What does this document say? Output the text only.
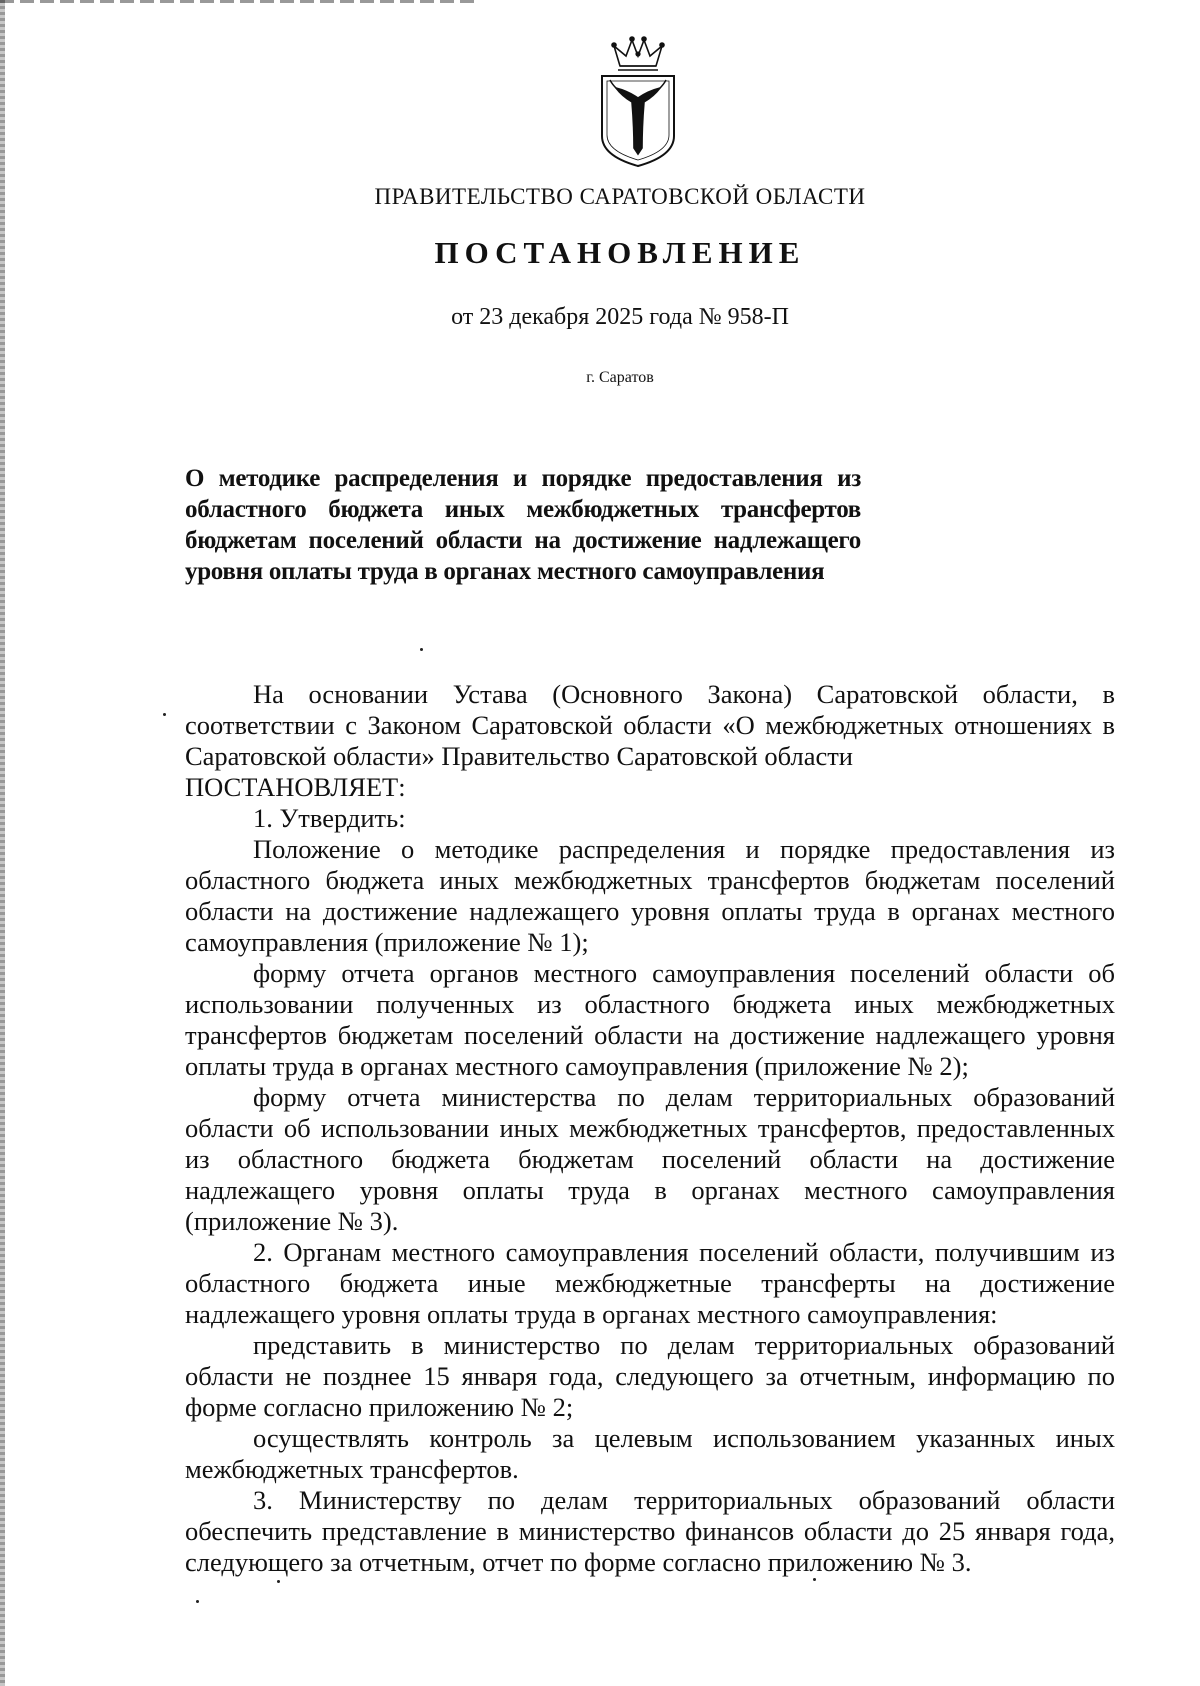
ПРАВИТЕЛЬСТВО САРАТОВСКОЙ ОБЛАСТИ

ПОСТАНОВЛЕНИЕ

от 23 декабря 2025 года № 958-П

г. Саратов

О методике распределения и порядке предоставления из областного бюджета иных межбюджетных трансфертов бюджетам поселений области на достижение надлежащего уровня оплаты труда в органах местного самоуправления

На основании Устава (Основного Закона) Саратовской области, в соответствии с Законом Саратовской области «О межбюджетных отношениях в Саратовской области» Правительство Саратовской области

ПОСТАНОВЛЯЕТ:

1. Утвердить:

Положение о методике распределения и порядке предоставления из областного бюджета иных межбюджетных трансфертов бюджетам поселений области на достижение надлежащего уровня оплаты труда в органах местного самоуправления (приложение № 1);

форму отчета органов местного самоуправления поселений области об использовании полученных из областного бюджета иных межбюджетных трансфертов бюджетам поселений области на достижение надлежащего уровня оплаты труда в органах местного самоуправления (приложение № 2);

форму отчета министерства по делам территориальных образований области об использовании иных межбюджетных трансфертов, предоставленных из областного бюджета бюджетам поселений области на достижение надлежащего уровня оплаты труда в органах местного самоуправления (приложение № 3).

2. Органам местного самоуправления поселений области, получившим из областного бюджета иные межбюджетные трансферты на достижение надлежащего уровня оплаты труда в органах местного самоуправления:

представить в министерство по делам территориальных образований области не позднее 15 января года, следующего за отчетным, информацию по форме согласно приложению № 2;

осуществлять контроль за целевым использованием указанных иных межбюджетных трансфертов.

3. Министерству по делам территориальных образований области обеспечить представление в министерство финансов области до 25 января года, следующего за отчетным, отчет по форме согласно приложению № 3.
